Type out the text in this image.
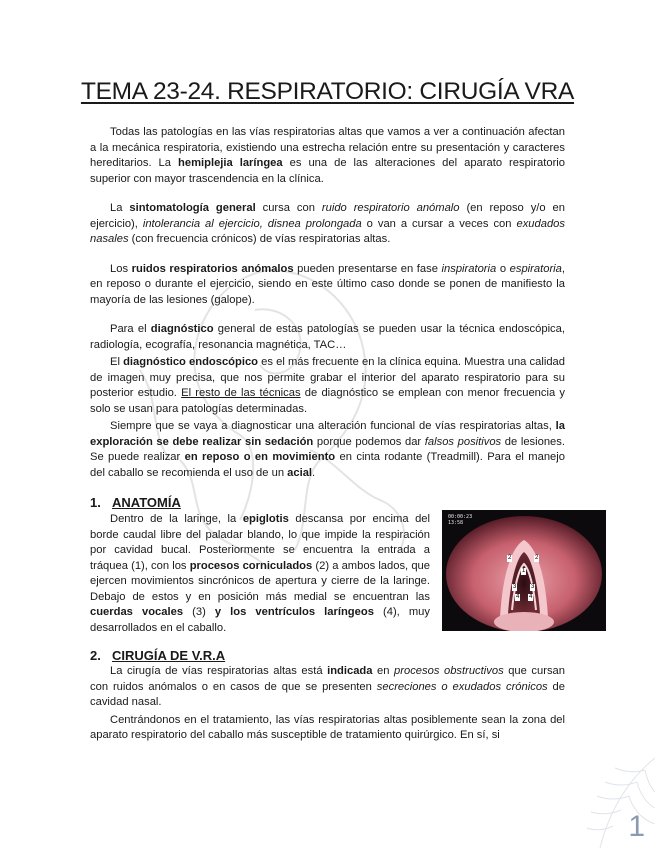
TEMA 23-24. RESPIRATORIO: CIRUGÍA VRA

Todas las patologías en las vías respiratorias altas que vamos a ver a continuación afectan a la mecánica respiratoria, existiendo una estrecha relación entre su presentación y caracteres hereditarios. La hemiplejia laríngea es una de las alteraciones del aparato respiratorio superior con mayor trascendencia en la clínica.

La sintomatología general cursa con ruido respiratorio anómalo (en reposo y/o en ejercicio), intolerancia al ejercicio, disnea prolongada o van a cursar a veces con exudados nasales (con frecuencia crónicos) de vías respiratorias altas.

Los ruidos respiratorios anómalos pueden presentarse en fase inspiratoria o espiratoria, en reposo o durante el ejercicio, siendo en este último caso donde se ponen de manifiesto la mayoría de las lesiones (galope).

Para el diagnóstico general de estas patologías se pueden usar la técnica endoscópica, radiología, ecografía, resonancia magnética, TAC…

El diagnóstico endoscópico es el más frecuente en la clínica equina. Muestra una calidad de imagen muy precisa, que nos permite grabar el interior del aparato respiratorio para su posterior estudio. El resto de las técnicas de diagnóstico se emplean con menor frecuencia y solo se usan para patologías determinadas.

Siempre que se vaya a diagnosticar una alteración funcional de vías respiratorias altas, la exploración se debe realizar sin sedación porque podemos dar falsos positivos de lesiones. Se puede realizar en reposo o en movimiento en cinta rodante (Treadmill). Para el manejo del caballo se recomienda el uso de un acial.

1. ANATOMÍA

Dentro de la laringe, la epiglotis descansa por encima del borde caudal libre del paladar blando, lo que impide la respiración por cavidad bucal. Posteriormente se encuentra la entrada a tráquea (1), con los procesos corniculados (2) a ambos lados, que ejercen movimientos sincrónicos de apertura y cierre de la laringe. Debajo de estos y en posición más medial se encuentran las cuerdas vocales (3) y los ventrículos laríngeos (4), muy desarrollados en el caballo.

00:00:23
13:58
1
2	2
3 3
4 4
2. CIRUGÍA DE V.R.A

La cirugía de vías respiratorias altas está indicada en procesos obstructivos que cursan con ruidos anómalos o en casos de que se presenten secreciones o exudados crónicos de cavidad nasal.

Centrándonos en el tratamiento, las vías respiratorias altas posiblemente sean la zona del aparato respiratorio del caballo más susceptible de tratamiento quirúrgico. En sí, si

1
